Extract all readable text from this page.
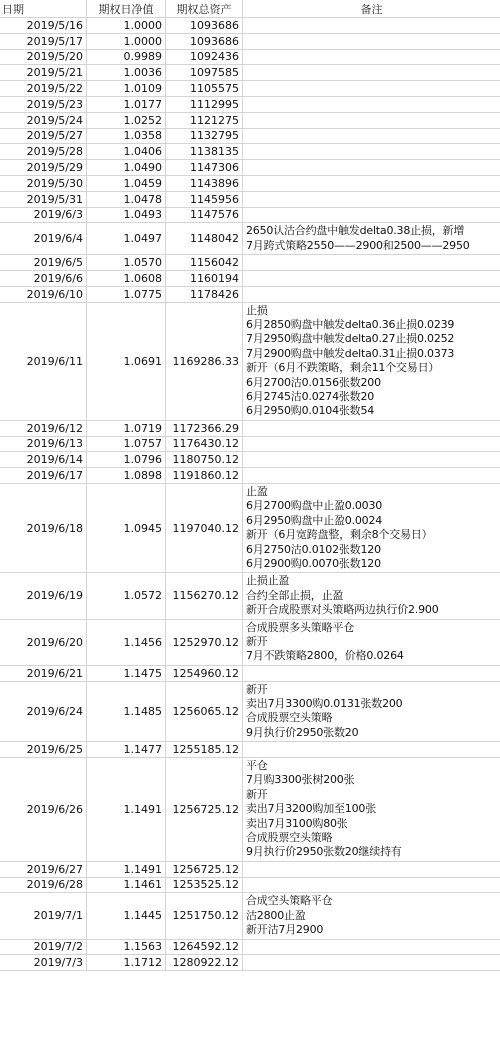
日期	期权日净值	期权总资产	备注
2019/5/16	1.0000	1093686
2019/5/17	1.0000	1093686
2019/5/20	0.9989	1092436
2019/5/21	1.0036	1097585
2019/5/22	1.0109	1105575
2019/5/23	1.0177	1112995
2019/5/24	1.0252	1121275
2019/5/27	1.0358	1132795
2019/5/28	1.0406	1138135
2019/5/29	1.0490	1147306
2019/5/30	1.0459	1143896
2019/5/31	1.0478	1145956
2019/6/3	1.0493	1147576
2019/6/4	1.0497	1148042
2650认沽合约盘中触发delta0.38止损，新增
7月跨式策略2550——2900和2500——2950
2019/6/5	1.0570	1156042
2019/6/6	1.0608	1160194
2019/6/10	1.0775	1178426
2019/6/11	1.0691 1169286.33
止损
6月2850购盘中触发delta0.36止损0.0239
7月2950购盘中触发delta0.27止损0.0252
7月2900购盘中触发delta0.31止损0.0373
新开（6月不跌策略，剩余11个交易日）
6月2700沽0.0156张数200
6月2745沽0.0274张数20
6月2950购0.0104张数54
2019/6/12	1.0719 1172366.29
2019/6/13	1.0757 1176430.12
2019/6/14	1.0796 1180750.12
2019/6/17	1.0898 1191860.12
2019/6/18	1.0945 1197040.12
止盈
6月2700购盘中止盈0.0030
6月2950购盘中止盈0.0024
新开（6月宽跨盘整，剩余8个交易日）
6月2750沽0.0102张数120
6月2900购0.0070张数120
2019/6/19	1.0572 1156270.12
止损止盈
合约全部止损，止盈
新开合成股票对头策略两边执行价2.900
2019/6/20	1.1456 1252970.12
合成股票多头策略平仓
新开
7月不跌策略2800，价格0.0264
2019/6/21	1.1475 1254960.12
2019/6/24	1.1485 1256065.12
新开
卖出7月3300购0.0131张数200
合成股票空头策略
9月执行价2950张数20
2019/6/25	1.1477 1255185.12
2019/6/26	1.1491 1256725.12
平仓
7月购3300张树200张
新开
卖出7月3200购加至100张
卖出7月3100购80张
合成股票空头策略
9月执行价2950张数20继续持有
2019/6/27	1.1491 1256725.12
2019/6/28	1.1461 1253525.12
2019/7/1	1.1445 1251750.12
合成空头策略平仓
沽2800止盈
新开沽7月2900
2019/7/2	1.1563 1264592.12
2019/7/3	1.1712 1280922.12
